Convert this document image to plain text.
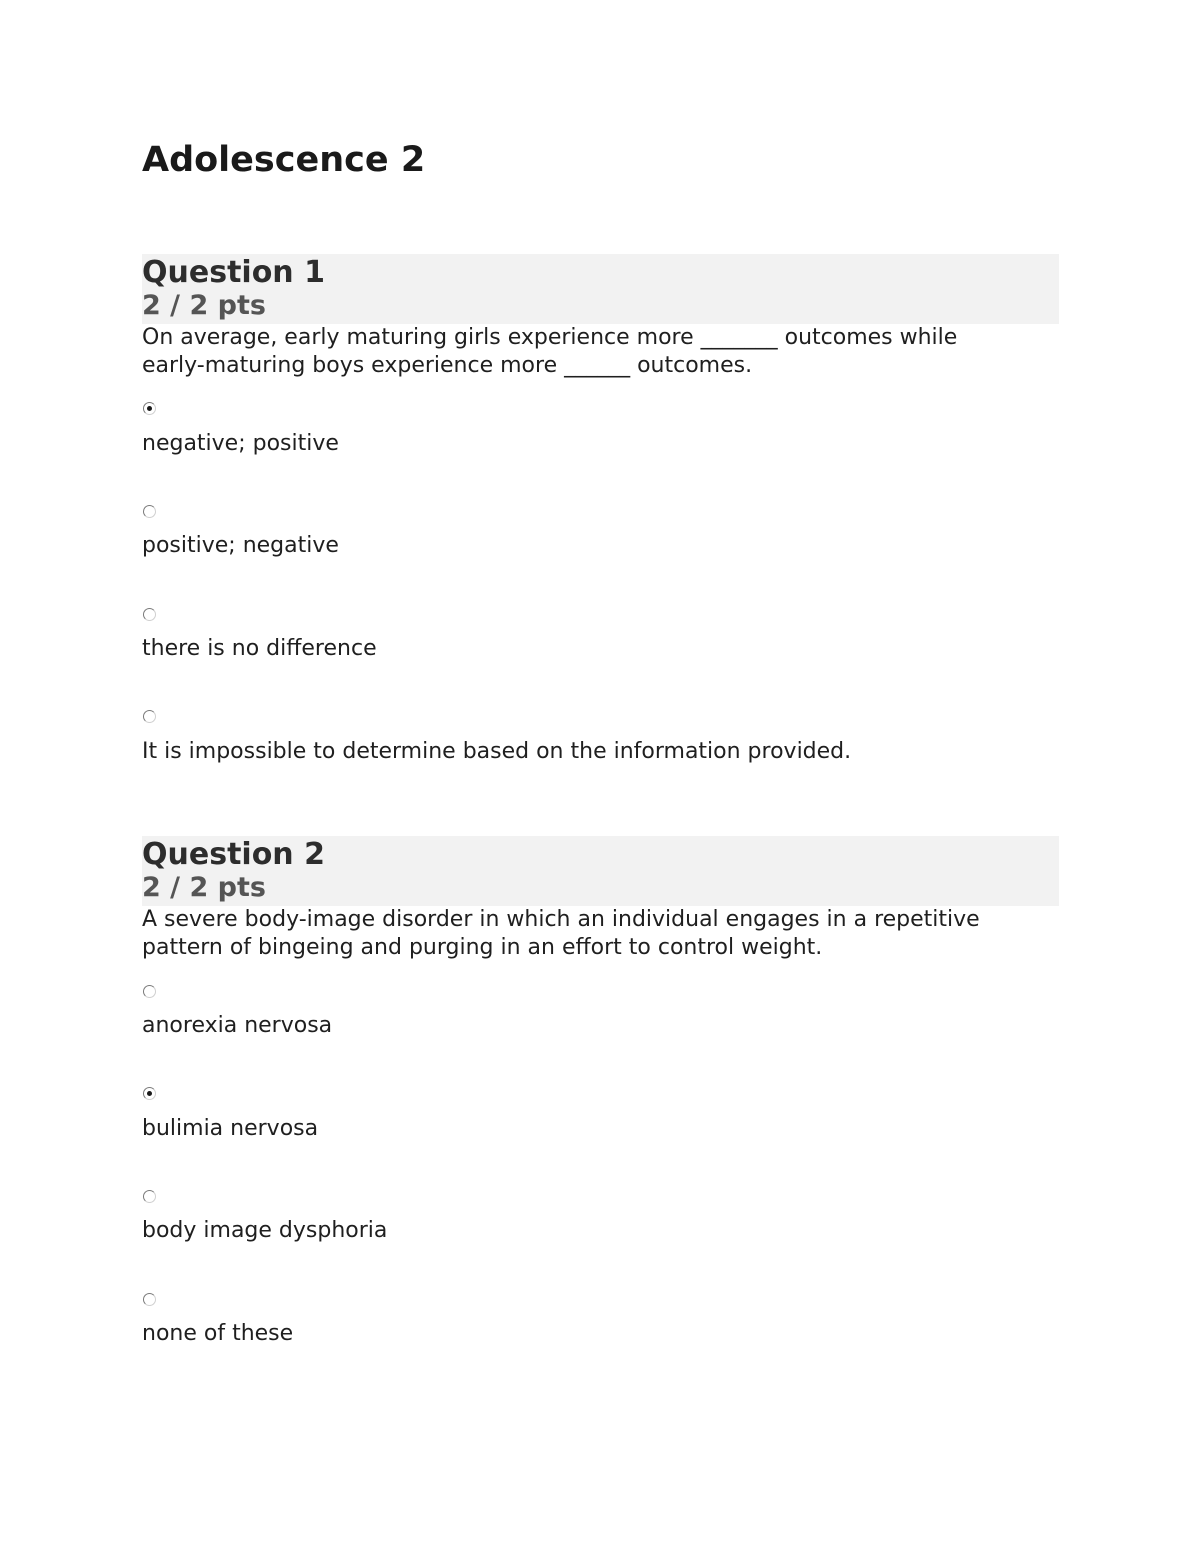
Adolescence 2
Question 1
2 / 2 pts

On average, early maturing girls experience more _______ outcomes while
early-maturing boys experience more ______ outcomes.

negative; positive
positive; negative
there is no difference
It is impossible to determine based on the information provided.
Question 2
2 / 2 pts

A severe body-image disorder in which an individual engages in a repetitive
pattern of bingeing and purging in an effort to control weight.

anorexia nervosa
bulimia nervosa
body image dysphoria
none of these
